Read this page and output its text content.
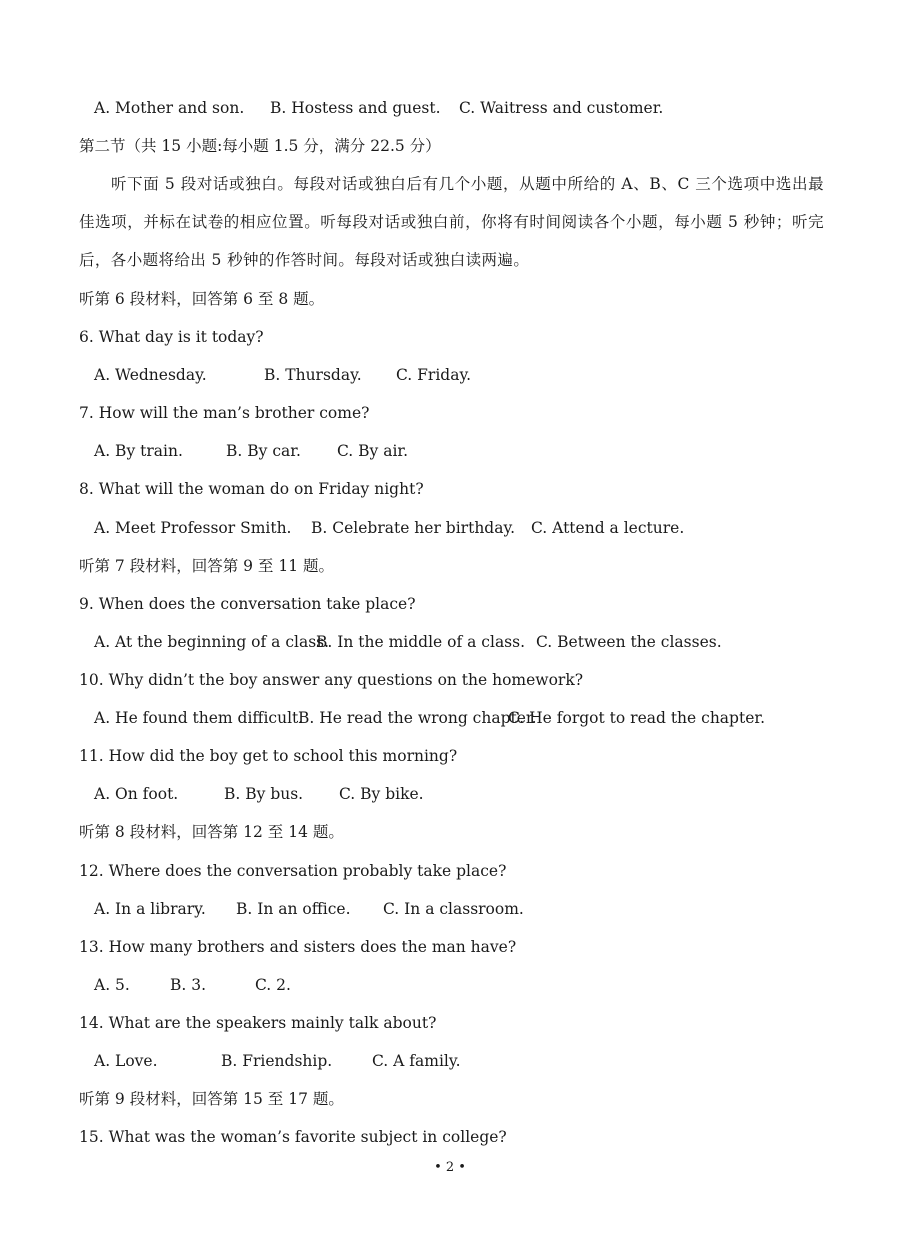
A. Mother and son. B. Hostess and guest. C. Waitress and customer.
第二节（共 15 小题:每小题 1.5 分，满分 22.5 分）
听下面 5 段对话或独白。每段对话或独白后有几个小题，从题中所给的 A、B、C 三个选项中选出最佳选项，并标在试卷的相应位置。听每段对话或独白前，你将有时间阅读各个小题，每小题 5 秒钟；听完后，各小题将给出 5 秒钟的作答时间。每段对话或独白读两遍。
听第 6 段材料，回答第 6 至 8 题。
6. What day is it today?
A. Wednesday.	B. Thursday. C. Friday.
7. How will the man’s brother come?
A. By train.	B. By car. C. By air.
8. What will the woman do on Friday night?
A. Meet Professor Smith. B. Celebrate her birthday. C. Attend a lecture.
听第 7 段材料，回答第 9 至 11 题。
9. When does the conversation take place?
A. At the beginning of a class.
B. In the middle of a class. C. Between the classes.
10. Why didn’t the boy answer any questions on the homework?
A. He found them difficult.
B. He read the wrong chapter.
C. He forgot to read the chapter.
11. How did the boy get to school this morning?
A. On foot.	B. By bus. C. By bike.
听第 8 段材料，回答第 12 至 14 题。
12. Where does the conversation probably take place?
A. In a library. B. In an office. C. In a classroom.
13. How many brothers and sisters does the man have?
A. 5.	B. 3.	C. 2.
14. What are the speakers mainly talk about?
A. Love.	B. Friendship.	C. A family.
听第 9 段材料，回答第 15 至 17 题。
15. What was the woman’s favorite subject in college?
• 2 •
